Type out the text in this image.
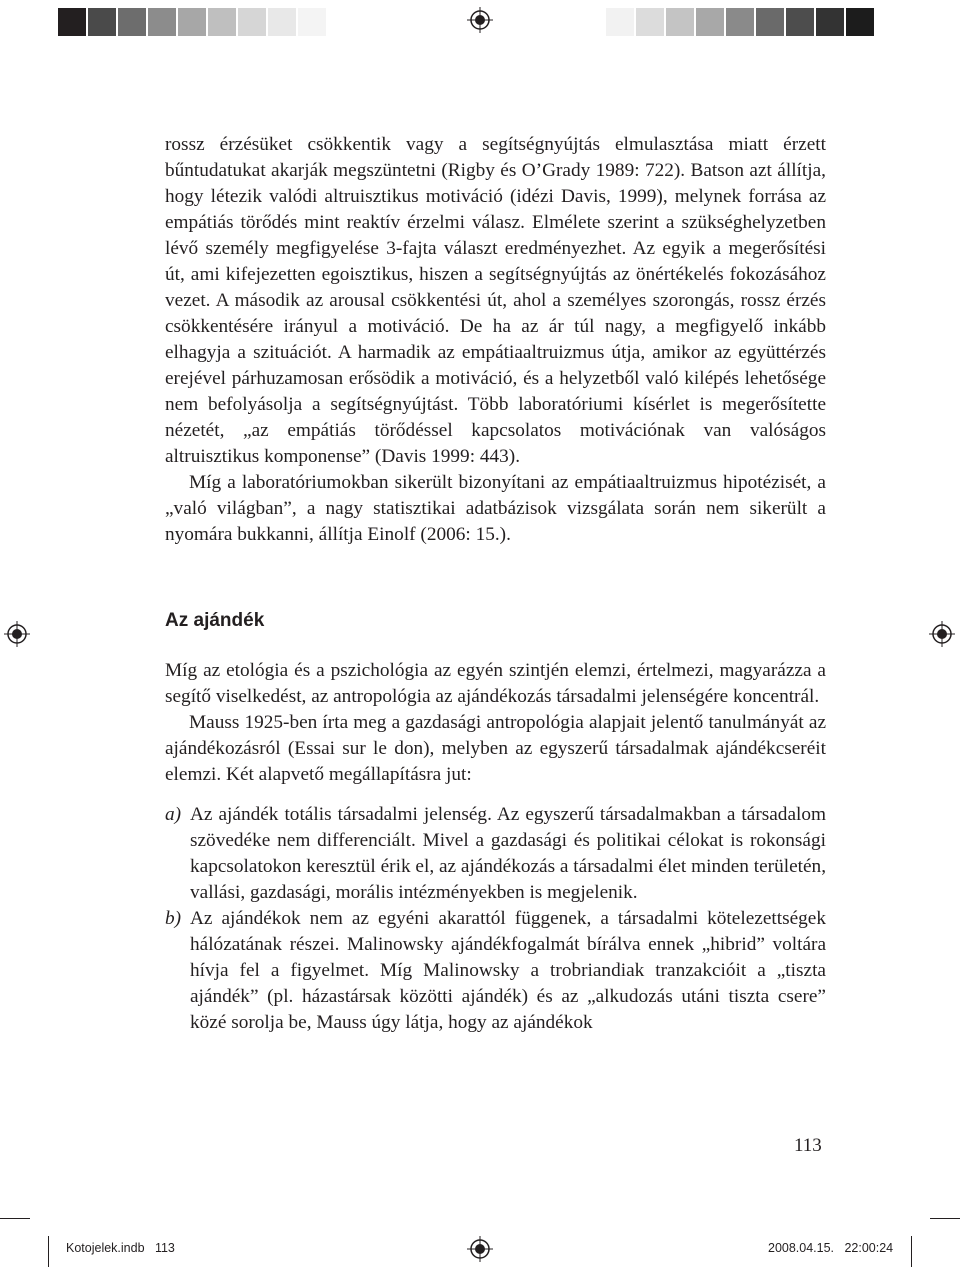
rossz érzésüket csökkentik vagy a segítségnyújtás elmulasztása miatt érzett bűntudatukat akarják megszüntetni (Rigby és O’Grady 1989: 722). Batson azt állítja, hogy létezik valódi altruisztikus motiváció (idézi Davis, 1999), melynek forrása az empátiás törődés mint reaktív érzelmi válasz. Elmélete szerint a szükséghelyzetben lévő személy megfigyelése 3-fajta választ eredményezhet. Az egyik a megerősítési út, ami kifejezetten egoisztikus, hiszen a segítségnyújtás az önértékelés fokozásához vezet. A második az arousal csökkentési út, ahol a személyes szorongás, rossz érzés csökkentésére irányul a motiváció. De ha az ár túl nagy, a megfigyelő inkább elhagyja a szituációt. A harmadik az empátiaaltruizmus útja, amikor az együttérzés erejével párhuzamosan erősödik a motiváció, és a helyzetből való kilépés lehetősége nem befolyásolja a segítségnyújtást. Több laboratóriumi kísérlet is megerősítette nézetét, „az empátiás törődéssel kapcsolatos motivációnak van valóságos altruisztikus komponense” (Davis 1999: 443).

Míg a laboratóriumokban sikerült bizonyítani az empátiaaltruizmus hipotézisét, a „való világban”, a nagy statisztikai adatbázisok vizsgálata során nem sikerült a nyomára bukkanni, állítja Einolf (2006: 15.).

Az ajándék

Míg az etológia és a pszichológia az egyén szintjén elemzi, értelmezi, magyarázza a segítő viselkedést, az antropológia az ajándékozás társadalmi jelenségére koncentrál.

Mauss 1925-ben írta meg a gazdasági antropológia alapjait jelentő tanulmányát az ajándékozásról (Essai sur le don), melyben az egyszerű társadalmak ajándékcseréit elemzi. Két alapvető megállapításra jut:

a) Az ajándék totális társadalmi jelenség. Az egyszerű társadalmakban a társadalom szövedéke nem differenciált. Mivel a gazdasági és politikai célokat is rokonsági kapcsolatokon keresztül érik el, az ajándékozás a társadalmi élet minden területén, vallási, gazdasági, morális intézményekben is megjelenik.
b) Az ajándékok nem az egyéni akarattól függenek, a társadalmi kötelezettségek hálózatának részei. Malinowsky ajándékfogalmát bírálva ennek „hibrid” voltára hívja fel a figyelmet. Míg Malinowsky a trobriandiak tranzakcióit a „tiszta ajándék” (pl. házastársak közötti ajándék) és az „alkudozás utáni tiszta csere” közé sorolja be, Mauss úgy látja, hogy az ajándékok
113
Kotojelek.indb   113	2008.04.15.   22:00:24
